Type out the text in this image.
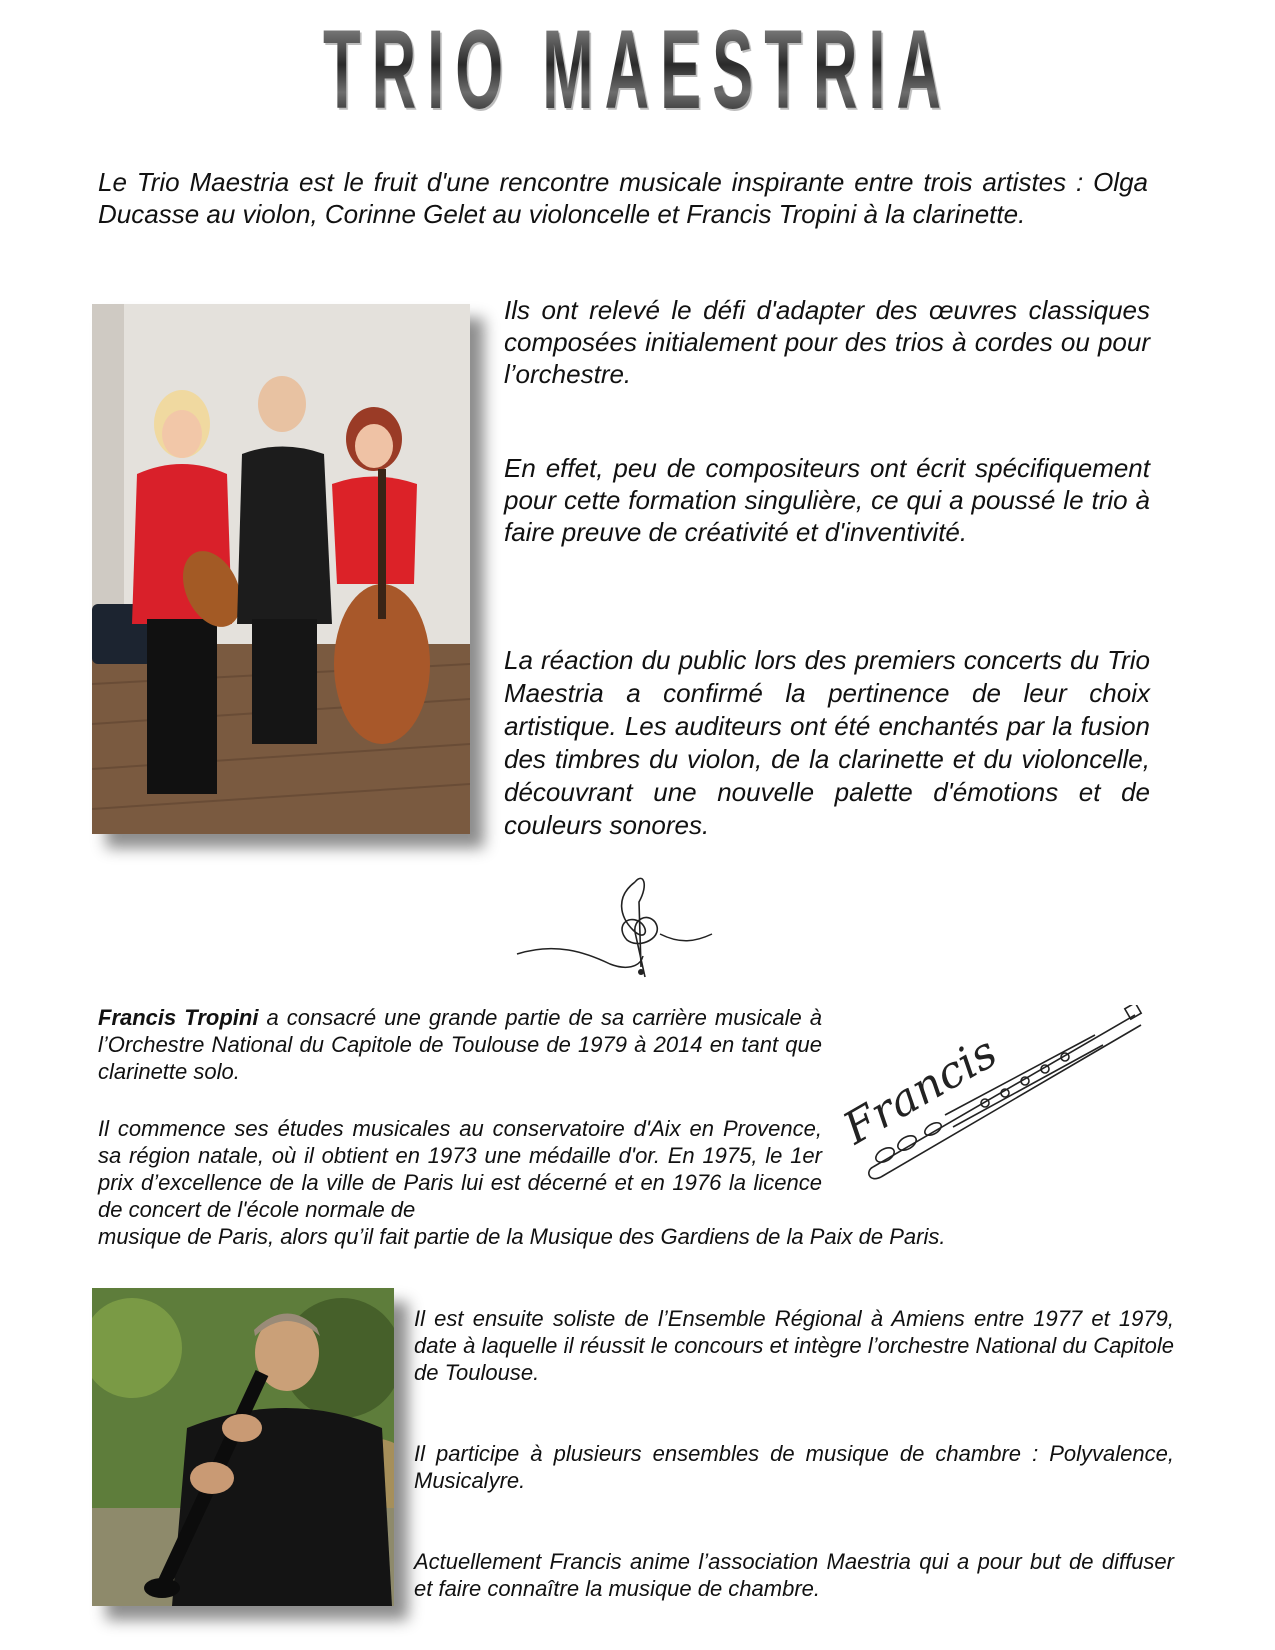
TRIO MAESTRIA

Le Trio Maestria est le fruit d'une rencontre musicale inspirante entre trois artistes : Olga Ducasse au violon, Corinne Gelet au violoncelle et Francis Tropini à la clarinette.

Ils ont relevé le défi d'adapter des œuvres classiques composées initialement pour des trios à cordes ou pour l’orchestre.

En effet, peu de compositeurs ont écrit spécifiquement pour cette formation singulière, ce qui a poussé le trio à faire preuve de créativité et d'inventivité.

La réaction du public lors des premiers concerts du Trio Maestria a confirmé la pertinence de leur choix artistique. Les auditeurs ont été enchantés par la fusion des timbres du violon, de la clarinette et du violoncelle, découvrant une nouvelle palette d'émotions et de couleurs sonores.

Francis Tropini a consacré une grande partie de sa carrière musicale à l’Orchestre National du Capitole de Toulouse de 1979 à 2014 en tant que clarinette solo.

Il commence ses études musicales au conservatoire d'Aix en Provence, sa région natale, où il obtient en 1973 une médaille d'or. En 1975, le 1er prix d’excellence de la ville de Paris lui est décerné et en 1976 la licence de concert de l'école normale de

musique de Paris, alors qu’il fait partie de la Musique des Gardiens de la Paix de Paris.

Francis

Il est ensuite soliste de l’Ensemble Régional à Amiens entre 1977 et 1979, date à laquelle il réussit le concours et intègre l’orchestre National du Capitole de Toulouse.

Il participe à plusieurs ensembles de musique de chambre : Polyvalence, Musicalyre.

Actuellement Francis anime l’association Maestria qui a pour but de diffuser et faire connaître la musique de chambre.
